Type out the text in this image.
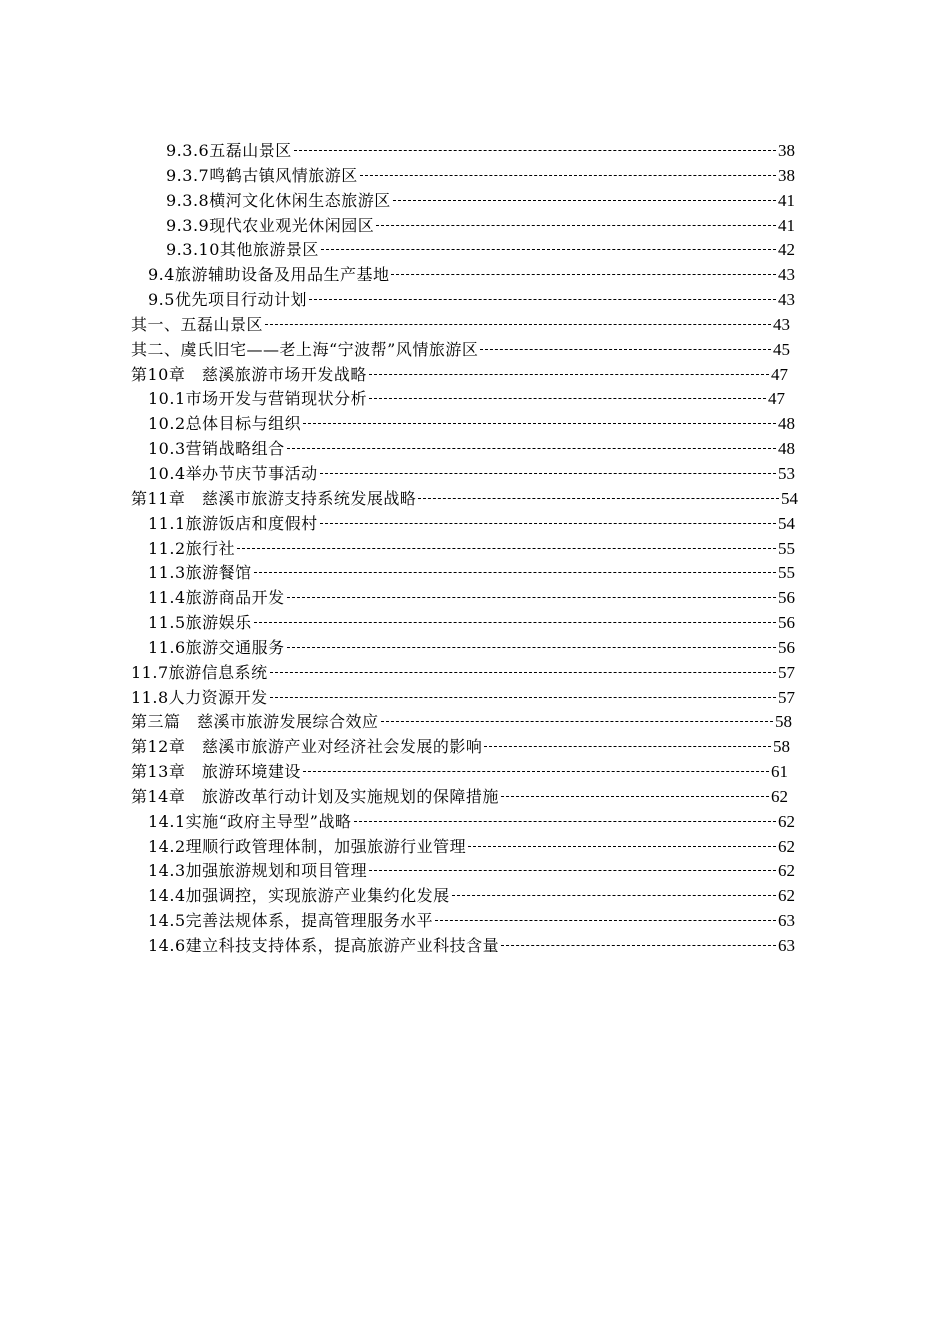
9.3.6五磊山景区	38
9.3.7鸣鹤古镇风情旅游区	38
9.3.8横河文化休闲生态旅游区	41
9.3.9现代农业观光休闲园区	41
9.3.10其他旅游景区	42
9.4旅游辅助设备及用品生产基地	43
9.5优先项目行动计划	43
其一、五磊山景区	43
其二、虞氏旧宅——老上海“宁波帮”风情旅游区	45
第10章　慈溪旅游市场开发战略	47
10.1市场开发与营销现状分析	47
10.2总体目标与组织	48
10.3营销战略组合	48
10.4举办节庆节事活动	53
第11章　慈溪市旅游支持系统发展战略	54
11.1旅游饭店和度假村	54
11.2旅行社	55
11.3旅游餐馆	55
11.4旅游商品开发	56
11.5旅游娱乐	56
11.6旅游交通服务	56
11.7旅游信息系统	57
11.8人力资源开发	57
第三篇　慈溪市旅游发展综合效应	58
第12章　慈溪市旅游产业对经济社会发展的影响	58
第13章　旅游环境建设	61
第14章　旅游改革行动计划及实施规划的保障措施	62
14.1实施“政府主导型”战略	62
14.2理顺行政管理体制，加强旅游行业管理	62
14.3加强旅游规划和项目管理	62
14.4加强调控，实现旅游产业集约化发展	62
14.5完善法规体系，提高管理服务水平	63
14.6建立科技支持体系，提高旅游产业科技含量	63
